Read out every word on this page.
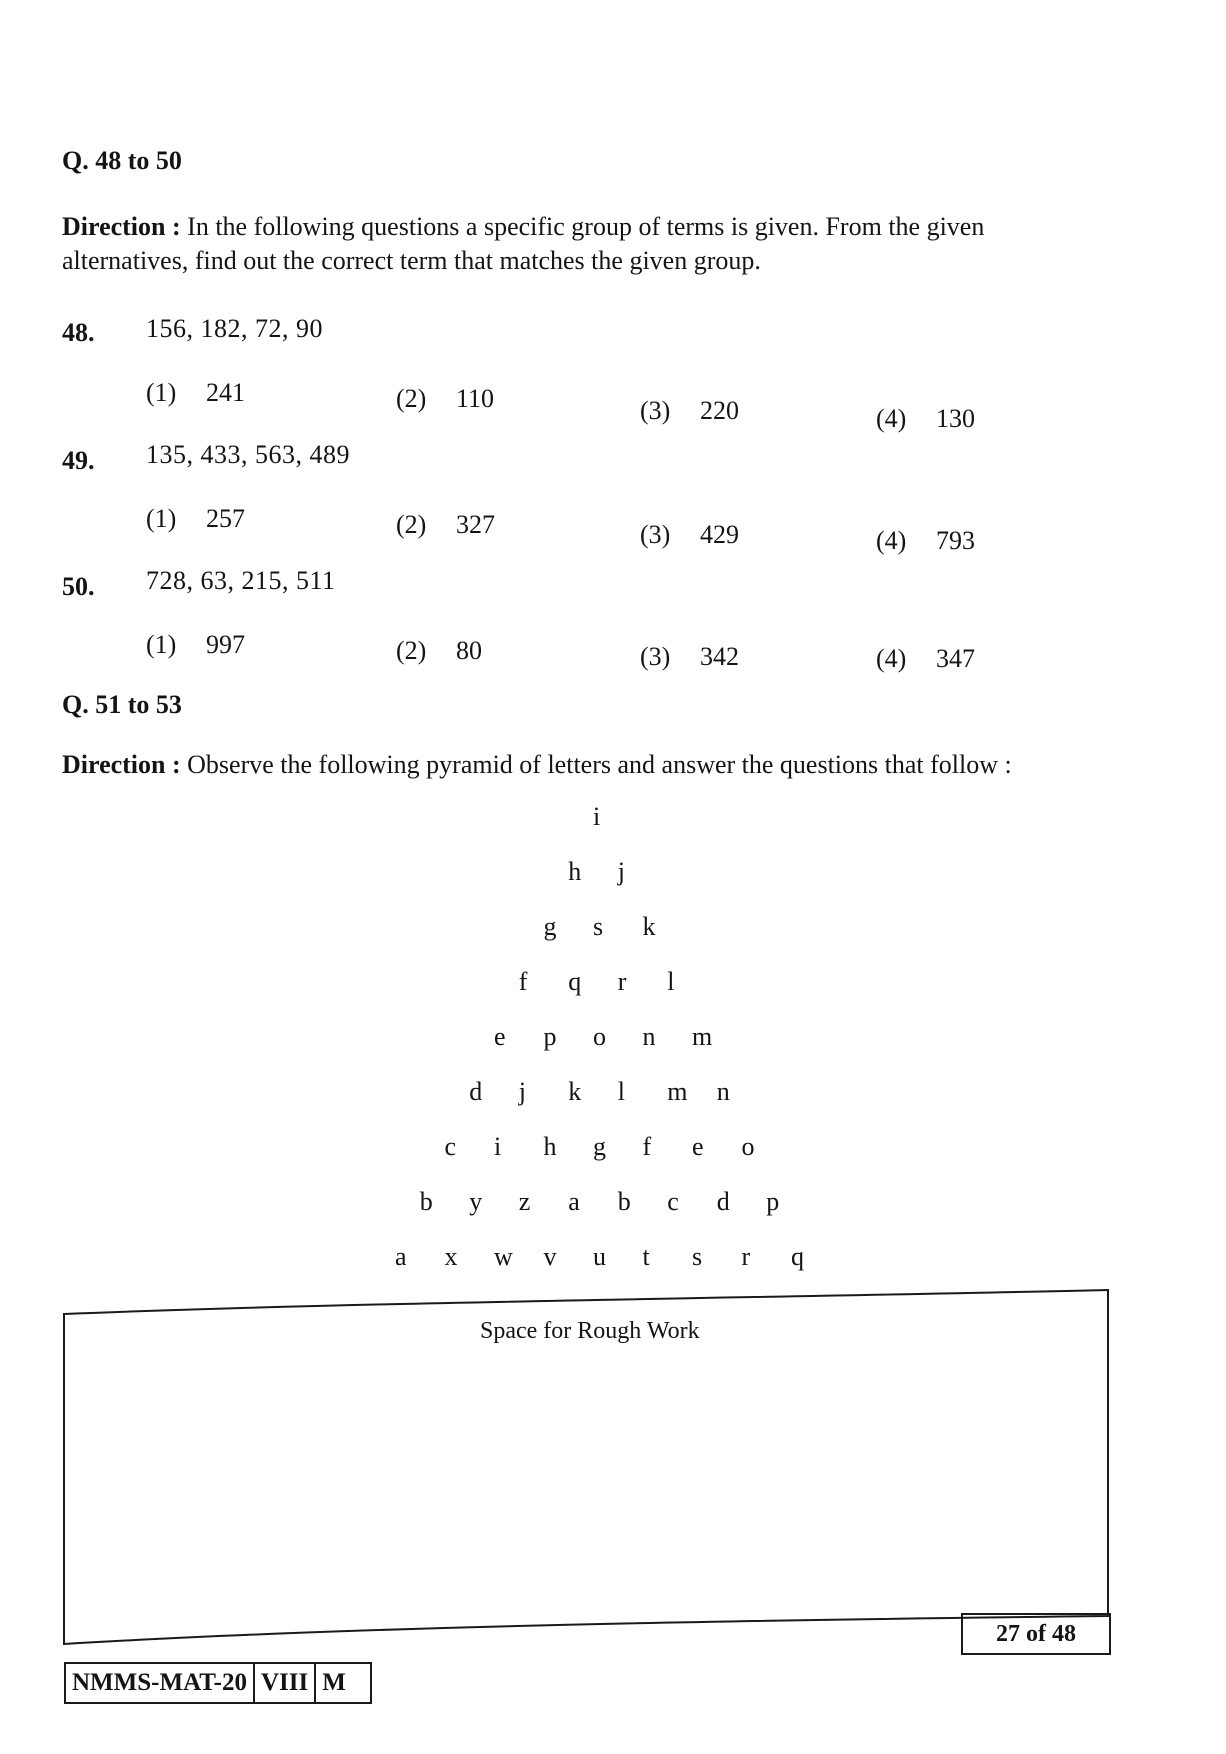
Q. 48 to 50
Direction : In the following questions a specific group of terms is given. From the given alternatives, find out the correct term that matches the given group.
48. 156, 182, 72, 90
(1) 241	(2) 110	(3) 220	(4) 130
49. 135, 433, 563, 489
(1) 257	(2) 327	(3) 429	(4) 793
50. 728, 63, 215, 511
(1) 997	(2) 80	(3) 342	(4) 347
Q. 51 to 53
Direction : Observe the following pyramid of letters and answer the questions that follow :
i
h j
g s k
f q r l
e p o n m
d j k l m n
c i h g f e o
b y z a b c d p
a x w v u t s r q
Space for Rough Work
27 of 48
NMMS-MAT-20 VIII M
